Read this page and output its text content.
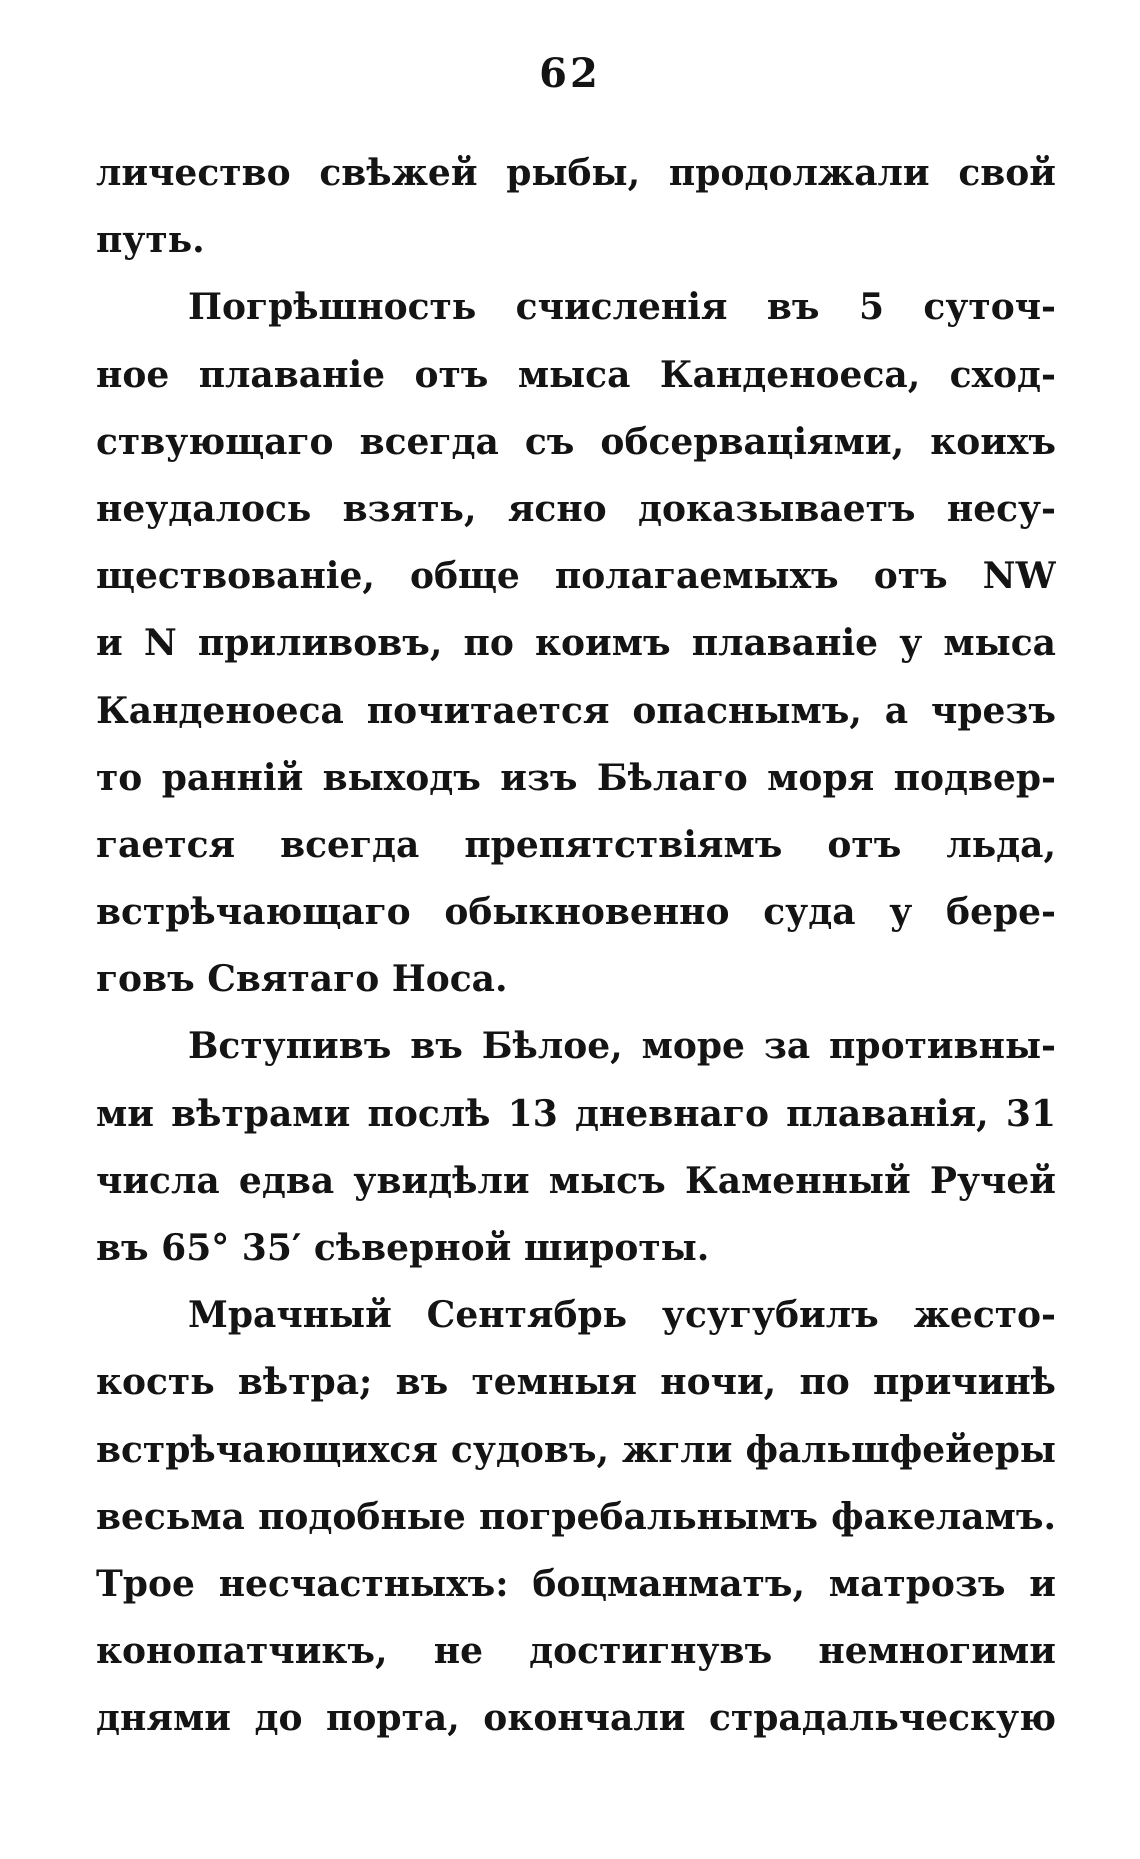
62
личество свѣжей рыбы, продолжали свой
путь.
Погрѣшность счисленія въ 5 суточ-
ное плаваніе отъ мыса Канденоеса, сход-
ствующаго всегда съ обсерваціями, коихъ
неудалось взять, ясно доказываетъ несу-
ществованіе, обще полагаемыхъ отъ NW
и N приливовъ, по коимъ плаваніе у мыса
Канденоеса почитается опаснымъ, а чрезъ
то ранній выходъ изъ Бѣлаго моря подвер-
гается всегда препятствіямъ отъ льда,
встрѣчающаго обыкновенно суда у бере-
говъ Святаго Носа.
Вступивъ въ Бѣлое, море за противны-
ми вѣтрами послѣ 13 дневнаго плаванія, 31
числа едва увидѣли мысъ Каменный Ручей
въ 65° 35′ сѣверной широты.
Мрачный Сентябрь усугубилъ жесто-
кость вѣтра; въ темныя ночи, по причинѣ
встрѣчающихся судовъ, жгли фальшфейеры
весьма подобные погребальнымъ факеламъ.
Трое несчастныхъ: боцманматъ, матрозъ и
конопатчикъ, не достигнувъ немногими
днями до порта, окончали страдальческую
